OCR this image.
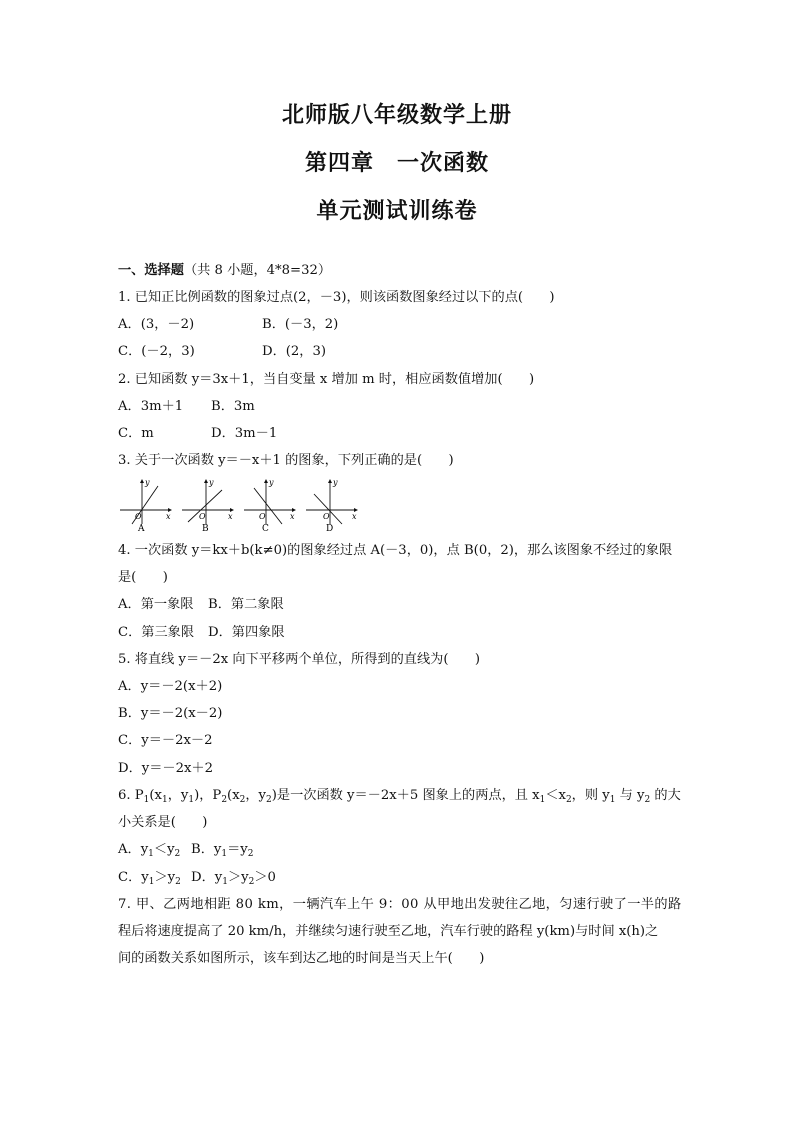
北师版八年级数学上册
第四章　一次函数
单元测试训练卷
一、选择题（共 8 小题，4*8=32）
1. 已知正比例函数的图象过点(2，－3)，则该函数图象经过以下的点(　　)
A．(3，－2)	B．(－3，2)
C．(－2，3)	D．(2，3)
2. 已知函数 y＝3x＋1，当自变量 x 增加 m 时，相应函数值增加(　　)
A．3m＋1 B．3m
C．m	D．3m－1
3. 关于一次函数 y＝－x＋1 的图象，下列正确的是(　　)
y
x
O
A
y
x
O
B
y
x
O
C
y
x
O
D
4. 一次函数 y＝kx＋b(k≠0)的图象经过点 A(－3，0)，点 B(0，2)，那么该图象不经过的象限
是(　　)
A．第一象限 B．第二象限
C．第三象限 D．第四象限
5. 将直线 y＝－2x 向下平移两个单位，所得到的直线为(　　)
A．y＝－2(x＋2)
B．y＝－2(x－2)
C．y＝－2x－2
D．y＝－2x＋2
6. $P_1(x_1$，$y_1$)，$P_2(x_2$，$y_2$)是一次函数 y＝－2x＋5 图象上的两点，且 $x_1<x_2$，则 $y_1$ 与 $y_2$ 的大
小关系是(　　)
A．$y_1<y_2$ B．$y_1=y_2$
C．$y_1>y_2$ D．$y_1>y_2>0$
7. 甲、乙两地相距 80 km，一辆汽车上午 9：00 从甲地出发驶往乙地，匀速行驶了一半的路
程后将速度提高了 20 km/h，并继续匀速行驶至乙地，汽车行驶的路程 y(km)与时间 x(h)之
间的函数关系如图所示，该车到达乙地的时间是当天上午(　　)
